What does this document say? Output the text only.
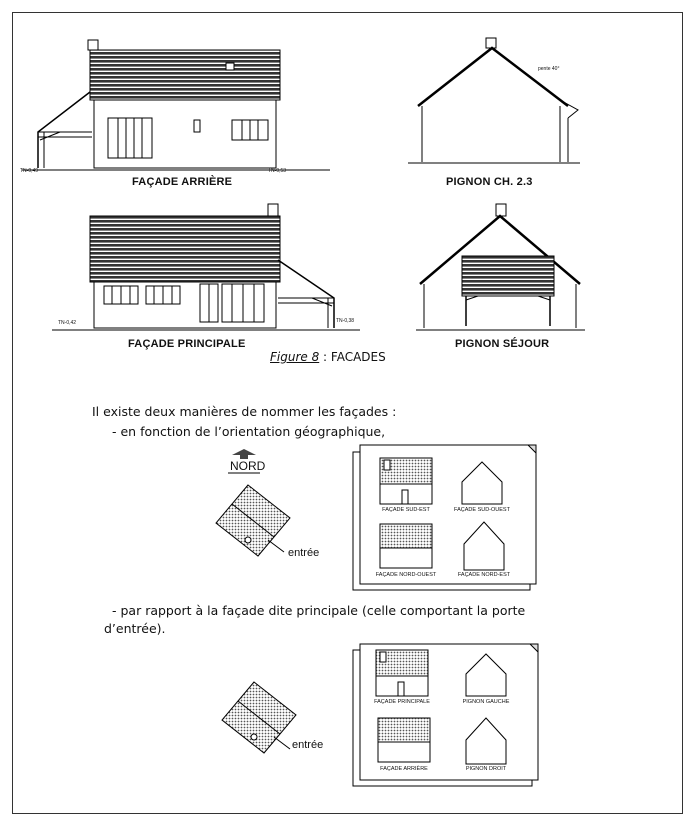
FAÇADE ARRIÈRE
TN-0,49	TN-0,53
PIGNON CH. 2.3
pente 40°
FAÇADE PRINCIPALE
TN-0,42	TN-0,38
PIGNON SÉJOUR
Figure 8 : FACADES
Il existe deux manières de nommer les façades :
- en fonction de l’orientation géographique,
- par rapport à la façade dite principale (celle comportant la porte
d’entrée).
NORD
entrée
FAÇADE SUD-EST	FAÇADE SUD-OUEST
FAÇADE NORD-OUEST	FAÇADE NORD-EST
entrée
FAÇADE PRINCIPALE	PIGNON GAUCHE
FAÇADE ARRIÈRE	PIGNON DROIT
